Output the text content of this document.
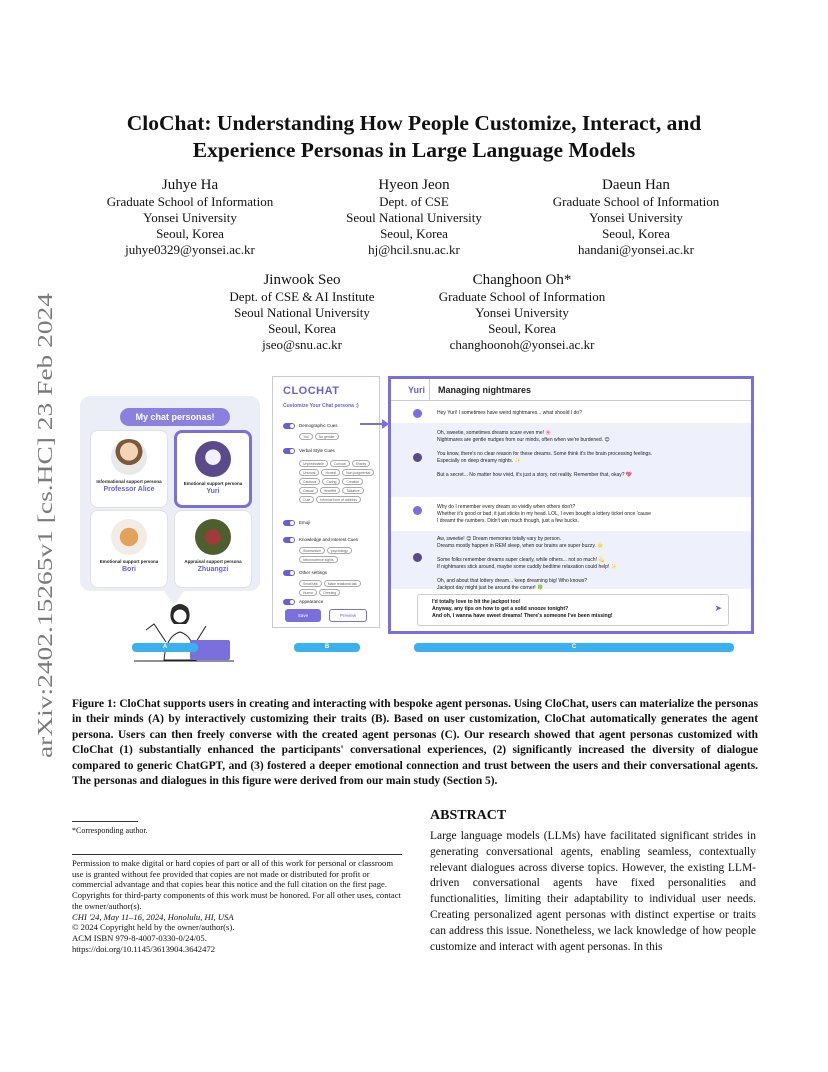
arXiv:2402.15265v1 [cs.HC] 23 Feb 2024
CloChat: Understanding How People Customize, Interact, and
Experience Personas in Large Language Models
Juhye Ha
Graduate School of Information
Yonsei University
Seoul, Korea
juhye0329@yonsei.ac.kr
Hyeon Jeon
Dept. of CSE
Seoul National University
Seoul, Korea
hj@hcil.snu.ac.kr
Daeun Han
Graduate School of Information
Yonsei University
Seoul, Korea
handani@yonsei.ac.kr
Jinwook Seo
Dept. of CSE & AI Institute
Seoul National University
Seoul, Korea
jseo@snu.ac.kr
Changhoon Oh*
Graduate School of Information
Yonsei University
Seoul, Korea
changhoonoh@yonsei.ac.kr
My chat personas!
Informational support persona
Professor Alice
Emotional support persona
Yuri
Emotional support persona
Bori
Appraisal support persona
Zhuangzi
CLOCHAT
Customize Your Chat persona :)
Demographic Cues
Yuri	No gender
Verbal Style Cues
Unpredictable	Curious	Snarky
Unusual	Honest	Non-judgmental
Cautious	Caring	Creative
Casual	Heartfelt	Talkative
Cute	Informal form of address
Emoji
Knowledge and Interest Cues
Shamanism	psychology
Neuroscience sights
Other settings
Small talk	Make relational talk
Humor	Greeting
Appearance
Save	Preview
Yuri Managing nightmares
Hey Yuri! I sometimes have weird nightmares... what should I do?
Oh, sweetie, sometimes dreams scare even me! 🌸
Nightmares are gentle nudges from our minds, often when we're burdened. 😊

You know, there's no clear reason for these dreams. Some think it's the brain processing feelings.
Especially on deep dreamy nights. ✨

But a secret... No matter how vivid, it's just a story, not reality. Remember that, okay? 💖
Why do I remember every dream so vividly when others don't?
Whether it's good or bad, it just sticks in my head. LOL, I even bought a lottery ticket once 'cause
I dreamt the numbers. Didn't win much though, just a few bucks.
Aw, sweetie! 😊 Dream memories totally vary by person.
Dreams mostly happen in REM sleep, when our brains are super buzzy. ⭐

Some folks remember dreams super clearly, while others... not so much! 💫
If nightmares stick around, maybe some cuddly bedtime relaxation could help! ✨

Oh, and about that lottery dream... keep dreaming big! Who knows?
Jackpot day might just be around the corner! 🍀
I'd totally love to hit the jackpot too!
Anyway, any tips on how to get a solid snooze tonight?
And oh, I wanna have sweet dreams! There's someone I've been missing!
➤
A	B	C
Figure 1: CloChat supports users in creating and interacting with bespoke agent personas. Using CloChat, users can materialize the personas in their minds (A) by interactively customizing their traits (B). Based on user customization, CloChat automatically generates the agent persona. Users can then freely converse with the created agent personas (C). Our research showed that agent personas customized with CloChat (1) substantially enhanced the participants' conversational experiences, (2) significantly increased the diversity of dialogue compared to generic ChatGPT, and (3) fostered a deeper emotional connection and trust between the users and their conversational agents. The personas and dialogues in this figure were derived from our main study (Section 5).
*Corresponding author.
Permission to make digital or hard copies of part or all of this work for personal or classroom use is granted without fee provided that copies are not made or distributed for profit or commercial advantage and that copies bear this notice and the full citation on the first page. Copyrights for third-party components of this work must be honored. For all other uses, contact the owner/author(s).
CHI '24, May 11–16, 2024, Honolulu, HI, USA
© 2024 Copyright held by the owner/author(s).
ACM ISBN 979-8-4007-0330-0/24/05.
https://doi.org/10.1145/3613904.3642472
ABSTRACT
Large language models (LLMs) have facilitated significant strides in generating conversational agents, enabling seamless, contextually relevant dialogues across diverse topics. However, the existing LLM-driven conversational agents have fixed personalities and functionalities, limiting their adaptability to individual user needs. Creating personalized agent personas with distinct expertise or traits can address this issue. Nonetheless, we lack knowledge of how people customize and interact with agent personas. In this
